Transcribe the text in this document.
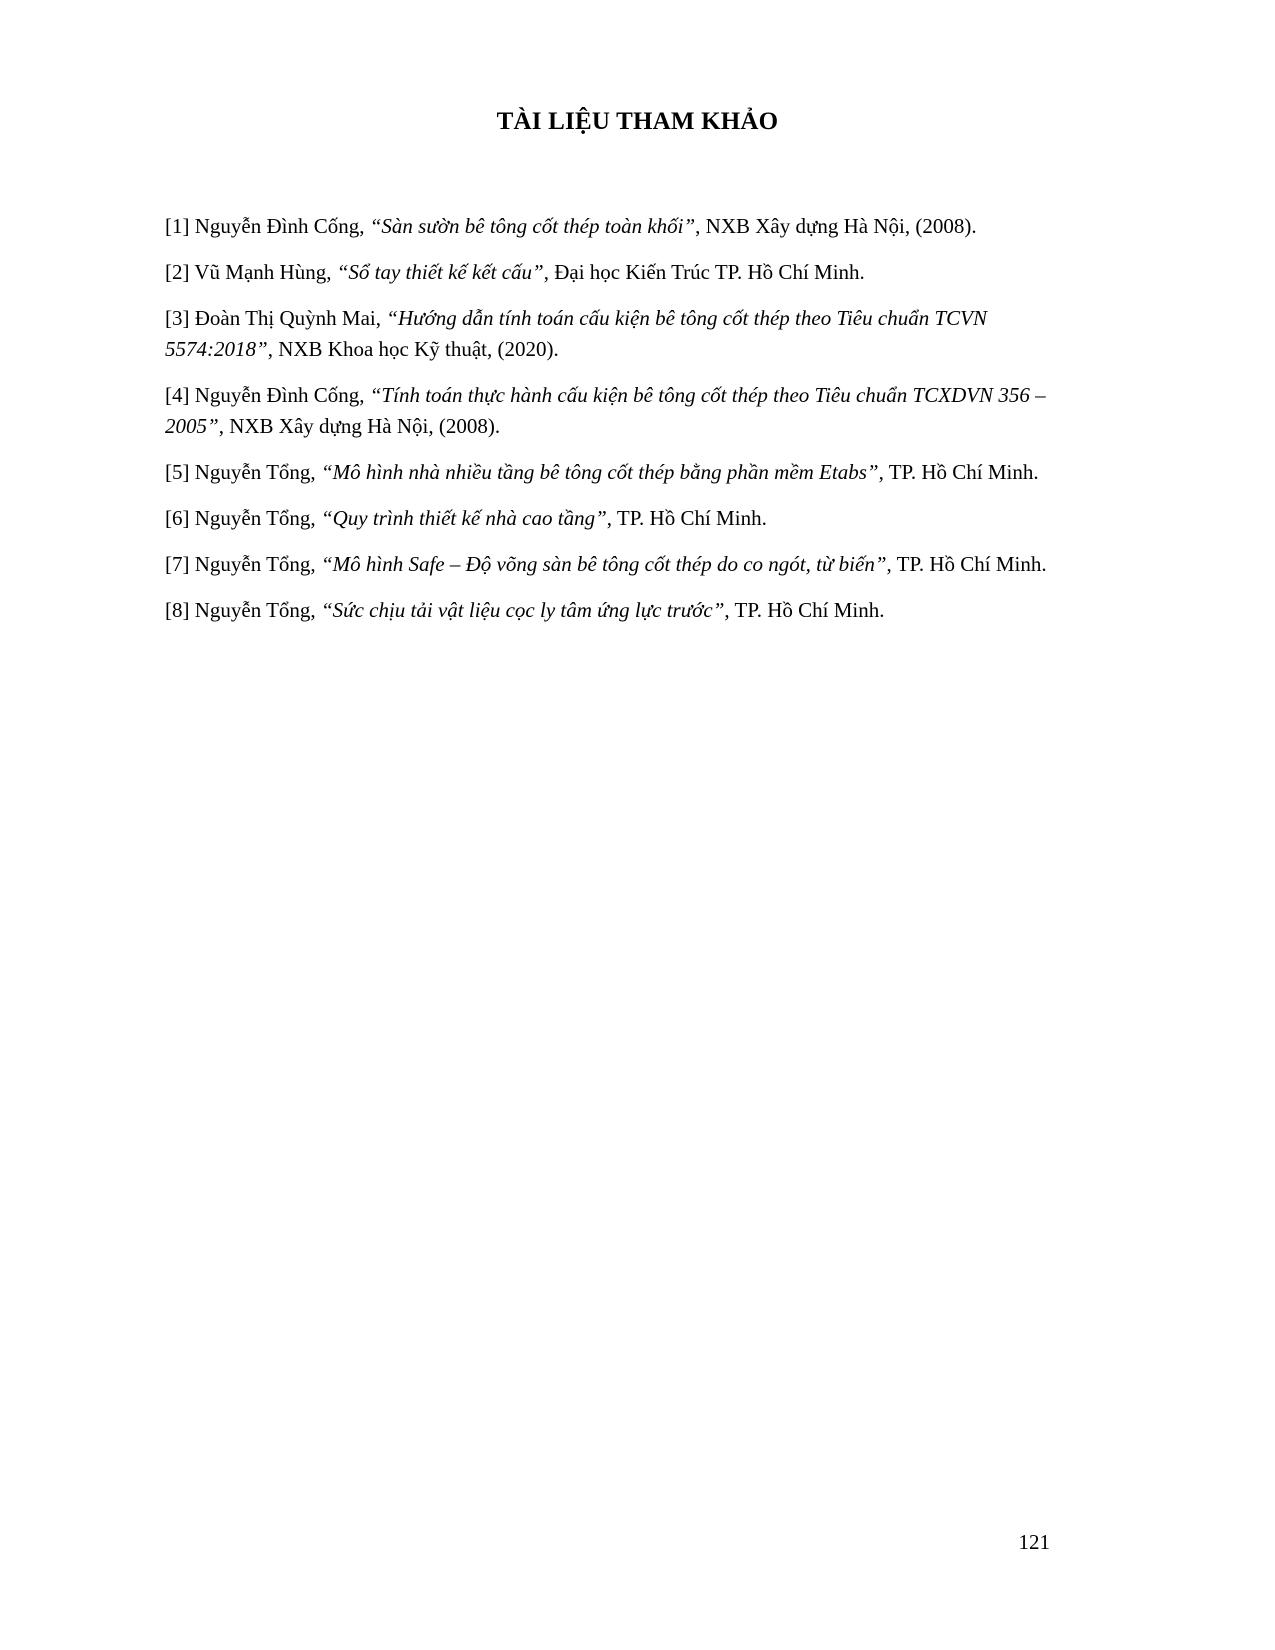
TÀI LIỆU THAM KHẢO

[1] Nguyễn Đình Cống, “Sàn sườn bê tông cốt thép toàn khối”, NXB Xây dựng Hà Nội, (2008).

[2] Vũ Mạnh Hùng, “Sổ tay thiết kế kết cấu”, Đại học Kiến Trúc TP. Hồ Chí Minh.

[3] Đoàn Thị Quỳnh Mai, “Hướng dẫn tính toán cấu kiện bê tông cốt thép theo Tiêu chuẩn TCVN 5574:2018”, NXB Khoa học Kỹ thuật, (2020).

[4] Nguyễn Đình Cống, “Tính toán thực hành cấu kiện bê tông cốt thép theo Tiêu chuẩn TCXDVN 356 – 2005”, NXB Xây dựng Hà Nội, (2008).

[5] Nguyễn Tổng, “Mô hình nhà nhiều tầng bê tông cốt thép bằng phần mềm Etabs”, TP. Hồ Chí Minh.

[6] Nguyễn Tổng, “Quy trình thiết kế nhà cao tầng”, TP. Hồ Chí Minh.

[7] Nguyễn Tổng, “Mô hình Safe – Độ võng sàn bê tông cốt thép do co ngót, từ biến”, TP. Hồ Chí Minh.

[8] Nguyễn Tổng, “Sức chịu tải vật liệu cọc ly tâm ứng lực trước”, TP. Hồ Chí Minh.

121
